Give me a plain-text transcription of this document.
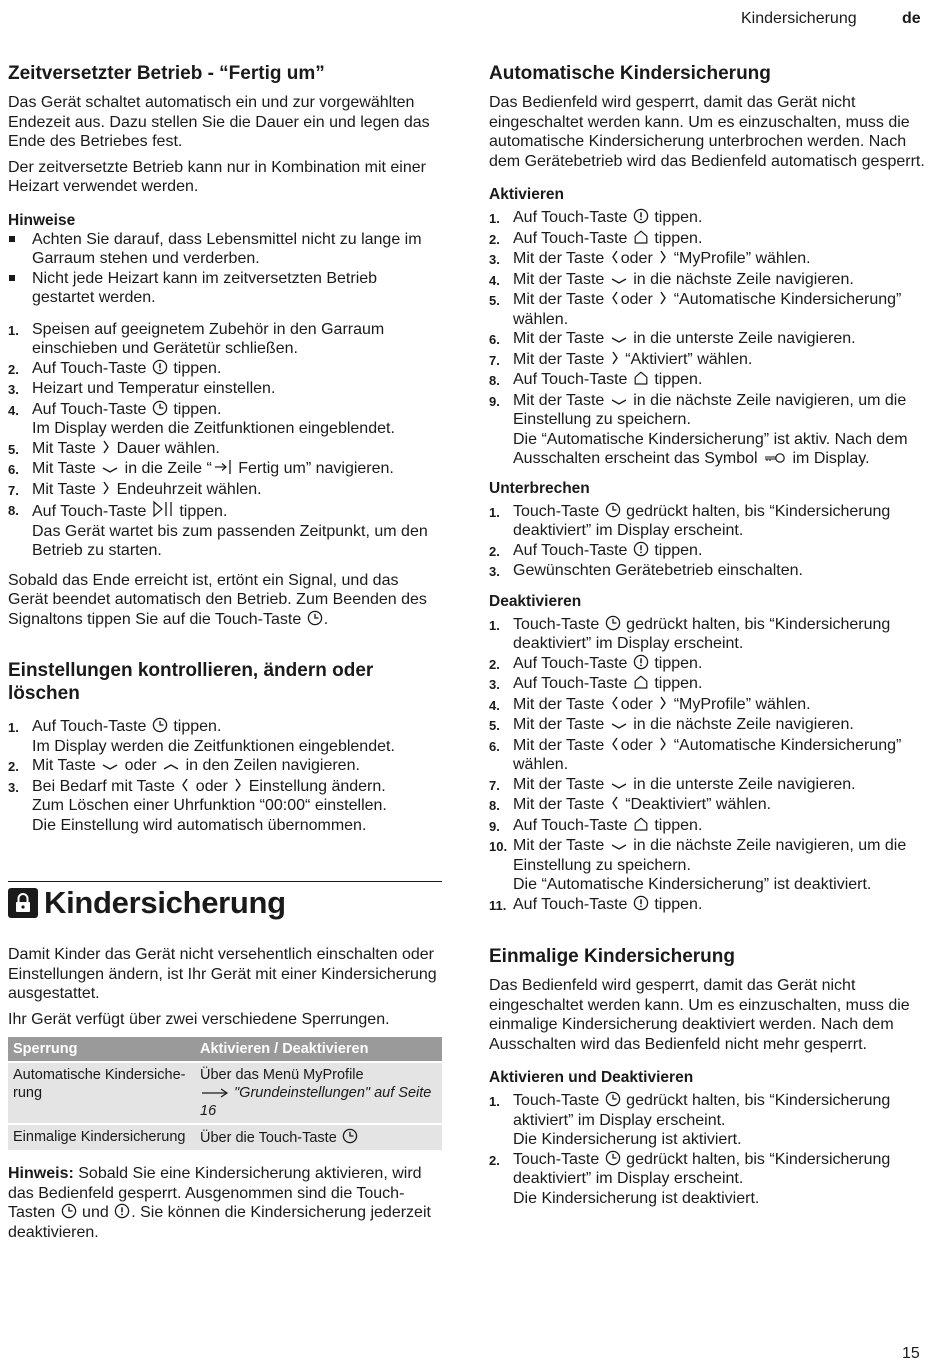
Kindersicherung	de
Zeitversetzter Betrieb - “Fertig um”

Das Gerät schaltet automatisch ein und zur vorgewählten Endezeit aus. Dazu stellen Sie die Dauer ein und legen das Ende des Betriebes fest.

Der zeitversetzte Betrieb kann nur in Kombination mit einer Heizart verwendet werden.

Hinweise
Achten Sie darauf, dass Lebensmittel nicht zu lange im Garraum stehen und verderben.
Nicht jede Heizart kann im zeitversetzten Betrieb gestartet werden.
1. Speisen auf geeignetem Zubehör in den Garraum einschieben und Gerätetür schließen.
2. Auf Touch-Taste tippen.
3. Heizart und Temperatur einstellen.
4. Auf Touch-Taste tippen.
Im Display werden die Zeitfunktionen eingeblendet.
5. Mit Taste Dauer wählen.
6. Mit Taste in die Zeile “ Fertig um” navigieren.
7. Mit Taste Endeuhrzeit wählen.
8. Auf Touch-Taste tippen.
Das Gerät wartet bis zum passenden Zeitpunkt, um den Betrieb zu starten.

Sobald das Ende erreicht ist, ertönt ein Signal, und das Gerät beendet automatisch den Betrieb. Zum Beenden des Signaltons tippen Sie auf die Touch-Taste .

Einstellungen kontrollieren, ändern oder löschen
1. Auf Touch-Taste tippen.
Im Display werden die Zeitfunktionen eingeblendet.
2. Mit Taste oder in den Zeilen navigieren.
3. Bei Bedarf mit Taste oder Einstellung ändern.
Zum Löschen einer Uhrfunktion “00:00“ einstellen.
Die Einstellung wird automatisch übernommen.
Kindersicherung

Damit Kinder das Gerät nicht versehentlich einschalten oder Einstellungen ändern, ist Ihr Gerät mit einer Kindersicherung ausgestattet.

Ihr Gerät verfügt über zwei verschiedene Sperrungen.

Sperrung	Aktivieren / Deaktivieren
Automatische Kindersiche-rung	Über das Menü MyProfile

"Grundeinstellungen" auf Seite 16
Einmalige Kindersicherung	Über die Touch-Taste

Hinweis: Sobald Sie eine Kindersicherung aktivieren, wird das Bedienfeld gesperrt. Ausgenommen sind die Touch-Tasten und . Sie können die Kindersicherung jederzeit deaktivieren.

Automatische Kindersicherung

Das Bedienfeld wird gesperrt, damit das Gerät nicht eingeschaltet werden kann. Um es einzuschalten, muss die automatische Kindersicherung unterbrochen werden. Nach dem Gerätebetrieb wird das Bedienfeld automatisch gesperrt.

Aktivieren
1. Auf Touch-Taste tippen.
2. Auf Touch-Taste tippen.
3. Mit der Taste oder “MyProfile” wählen.
4. Mit der Taste in die nächste Zeile navigieren.
5. Mit der Taste oder “Automatische Kindersicherung” wählen.
6. Mit der Taste in die unterste Zeile navigieren.
7. Mit der Taste “Aktiviert” wählen.
8. Auf Touch-Taste tippen.
9. Mit der Taste in die nächste Zeile navigieren, um die Einstellung zu speichern.
Die “Automatische Kindersicherung” ist aktiv. Nach dem Ausschalten erscheint das Symbol im Display.
Unterbrechen
1. Touch-Taste gedrückt halten, bis “Kindersicherung deaktiviert” im Display erscheint.
2. Auf Touch-Taste tippen.
3. Gewünschten Gerätebetrieb einschalten.
Deaktivieren
1. Touch-Taste gedrückt halten, bis “Kindersicherung deaktiviert” im Display erscheint.
2. Auf Touch-Taste tippen.
3. Auf Touch-Taste tippen.
4. Mit der Taste oder “MyProfile” wählen.
5. Mit der Taste in die nächste Zeile navigieren.
6. Mit der Taste oder “Automatische Kindersicherung” wählen.
7. Mit der Taste in die unterste Zeile navigieren.
8. Mit der Taste “Deaktiviert” wählen.
9. Auf Touch-Taste tippen.
10. Mit der Taste in die nächste Zeile navigieren, um die Einstellung zu speichern.
Die “Automatische Kindersicherung” ist deaktiviert.
11. Auf Touch-Taste tippen.
Einmalige Kindersicherung

Das Bedienfeld wird gesperrt, damit das Gerät nicht eingeschaltet werden kann. Um es einzuschalten, muss die einmalige Kindersicherung deaktiviert werden. Nach dem Ausschalten wird das Bedienfeld nicht mehr gesperrt.

Aktivieren und Deaktivieren
1. Touch-Taste gedrückt halten, bis “Kindersicherung aktiviert” im Display erscheint.
Die Kindersicherung ist aktiviert.
2. Touch-Taste gedrückt halten, bis “Kindersicherung deaktiviert” im Display erscheint.
Die Kindersicherung ist deaktiviert.
15
